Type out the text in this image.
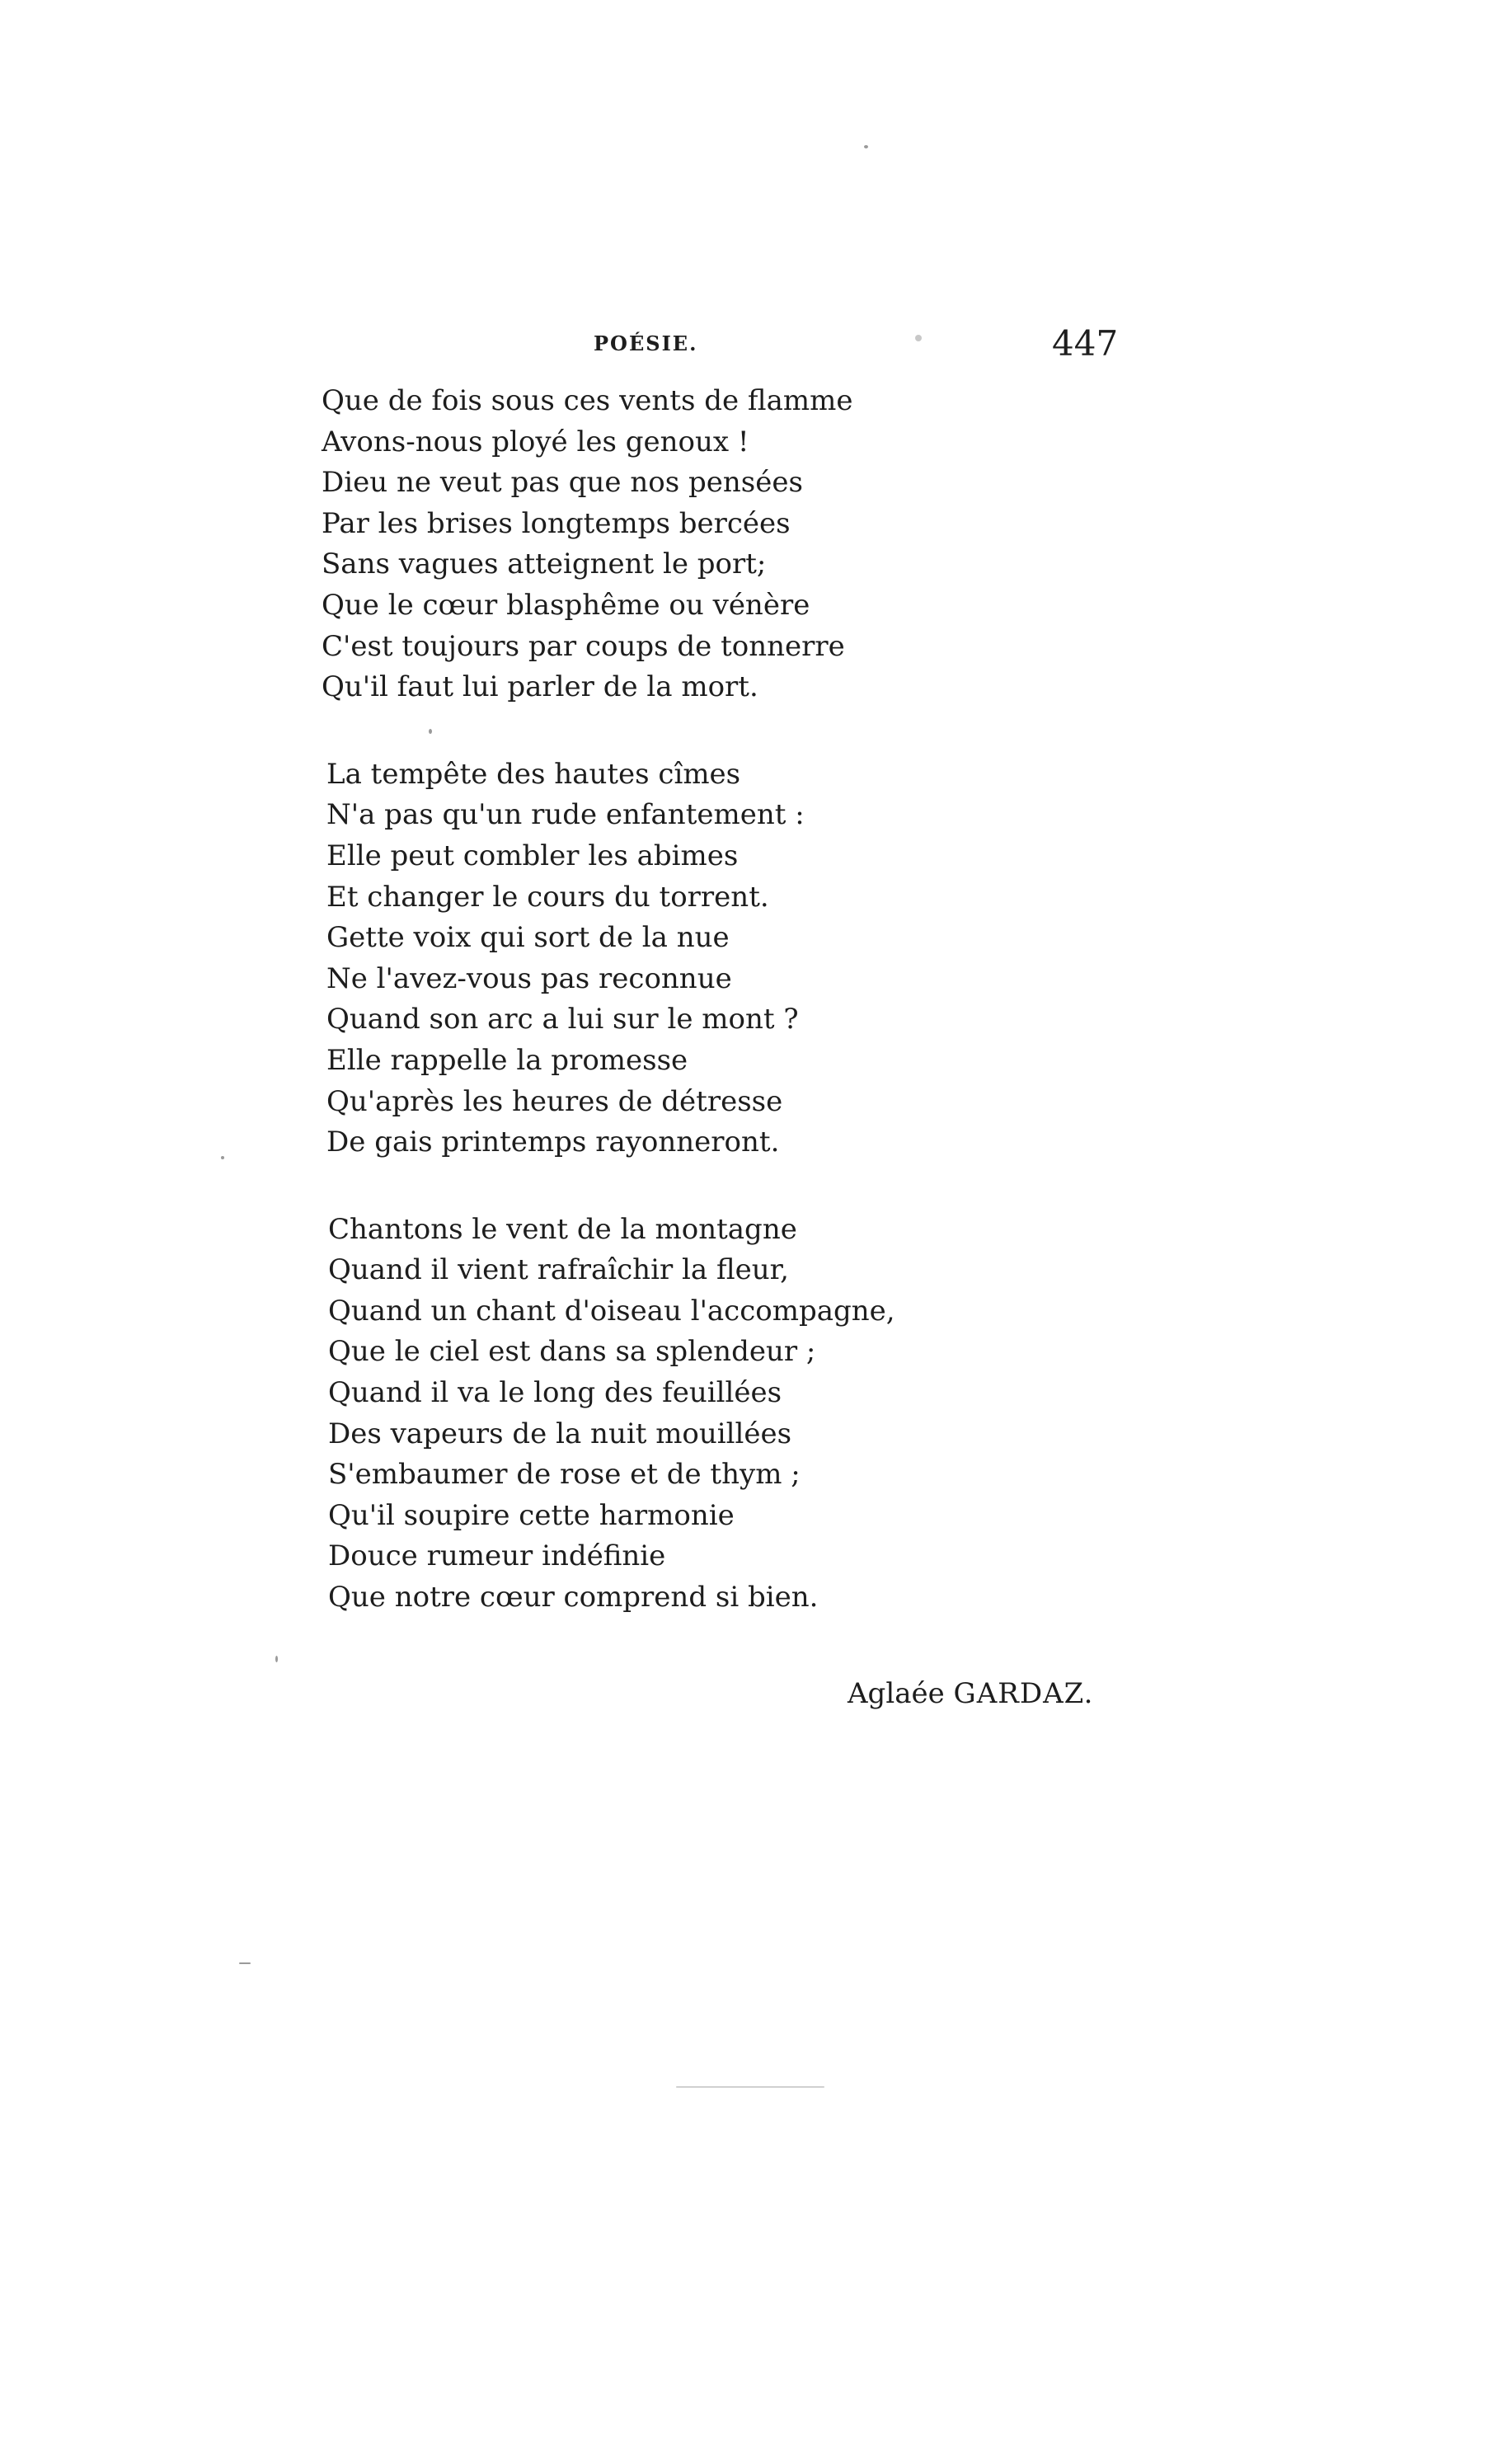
POÉSIE.	447
Que de fois sous ces vents de flamme
Avons-nous ployé les genoux !
Dieu ne veut pas que nos pensées
Par les brises longtemps bercées
Sans vagues atteignent le port;
Que le cœur blasphême ou vénère
C'est toujours par coups de tonnerre
Qu'il faut lui parler de la mort.
La tempête des hautes cîmes
N'a pas qu'un rude enfantement :
Elle peut combler les abimes
Et changer le cours du torrent.
Gette voix qui sort de la nue
Ne l'avez-vous pas reconnue
Quand son arc a lui sur le mont ?
Elle rappelle la promesse
Qu'après les heures de détresse
De gais printemps rayonneront.
Chantons le vent de la montagne
Quand il vient rafraîchir la fleur,
Quand un chant d'oiseau l'accompagne,
Que le ciel est dans sa splendeur ;
Quand il va le long des feuillées
Des vapeurs de la nuit mouillées
S'embaumer de rose et de thym ;
Qu'il soupire cette harmonie
Douce rumeur indéfinie
Que notre cœur comprend si bien.
Aglaée GARDAZ.
